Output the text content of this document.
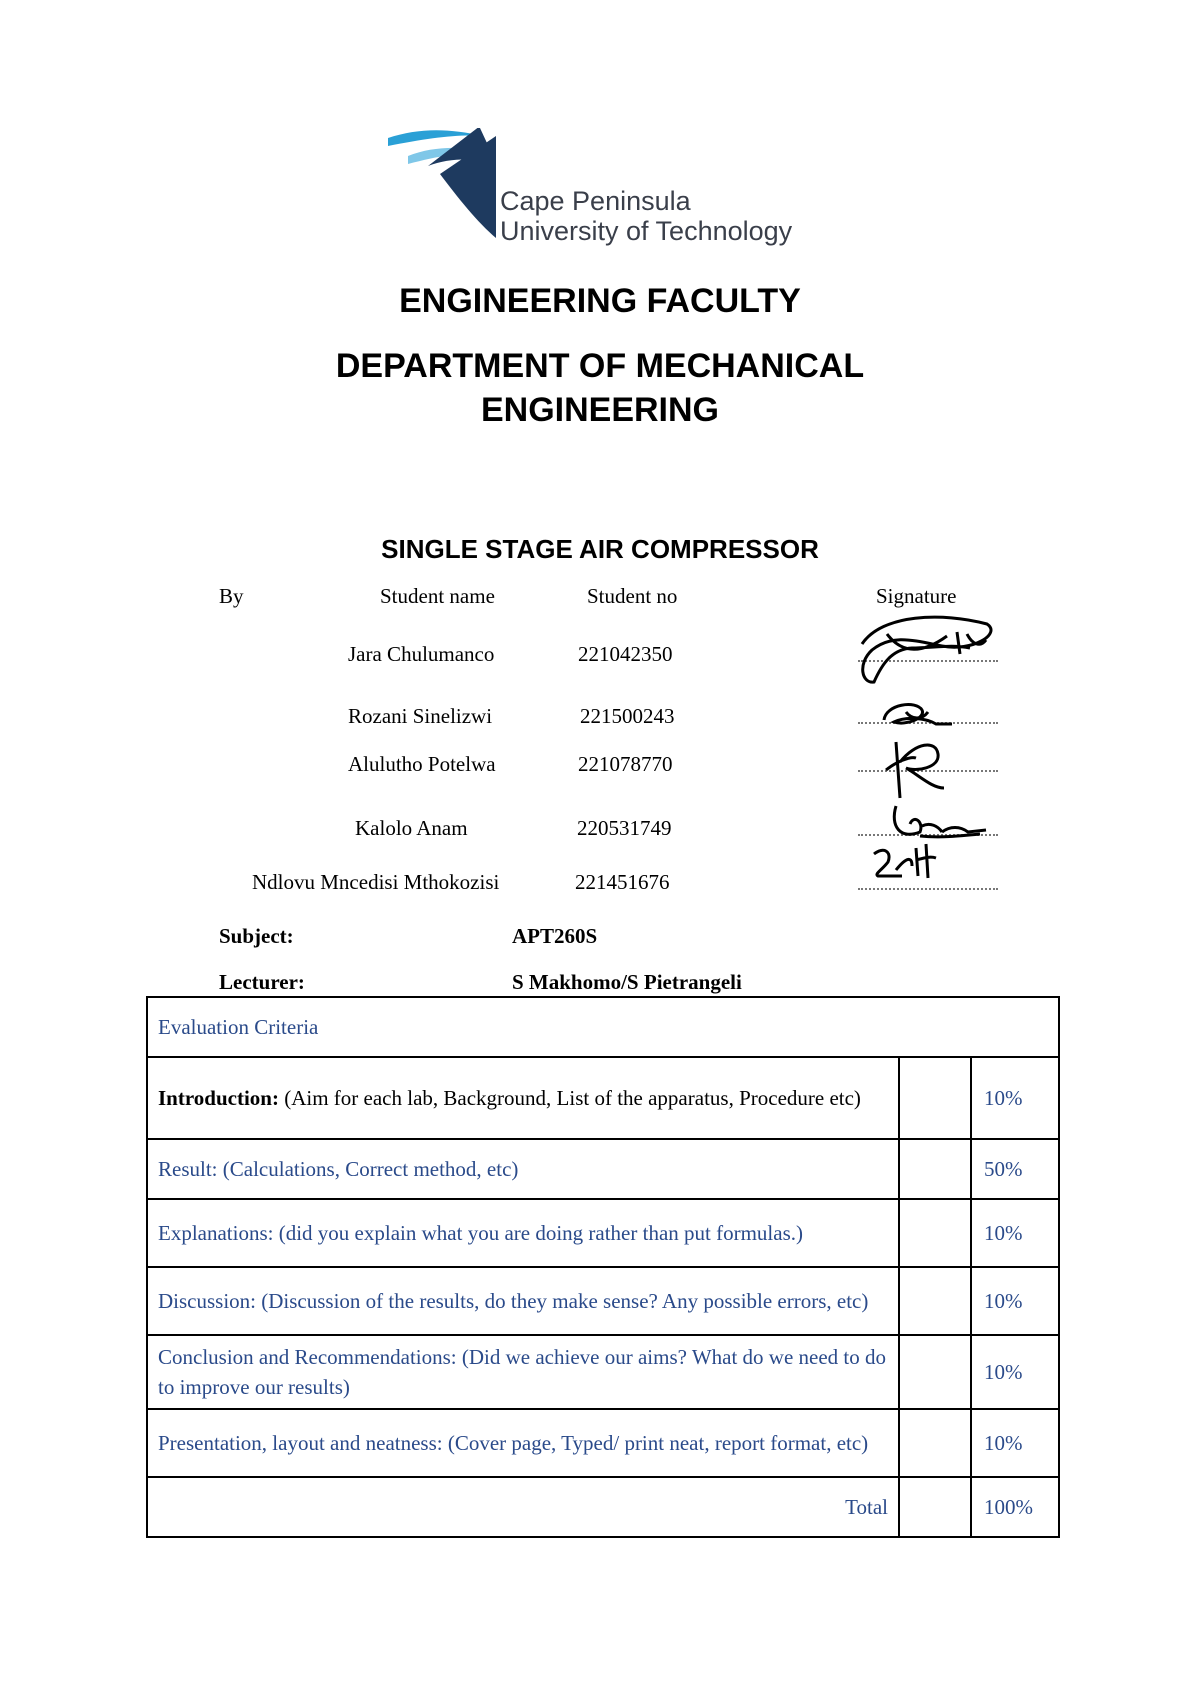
Cape Peninsula
University of Technology
ENGINEERING FACULTY
DEPARTMENT OF MECHANICAL
ENGINEERING
SINGLE STAGE AIR COMPRESSOR
By	Student name	Student no	Signature
Jara Chulumanco	221042350
Rozani Sinelizwi	221500243
Alulutho Potelwa	221078770
Kalolo Anam	220531749
Ndlovu Mncedisi Mthokozisi	221451676
Subject:	APT260S
Lecturer:	S Makhomo/S Pietrangeli
Evaluation Criteria		
Introduction: (Aim for each lab, Background, List of the apparatus, Procedure etc)		10%
Result: (Calculations, Correct method, etc)		50%
Explanations: (did you explain what you are doing rather than put formulas.)		10%
Discussion: (Discussion of the results, do they make sense? Any possible errors, etc)		10%
Conclusion and Recommendations: (Did we achieve our aims? What do we need to do to improve our results)		10%
Presentation, layout and neatness: (Cover page, Typed/ print neat, report format, etc)		10%
Total		100%
